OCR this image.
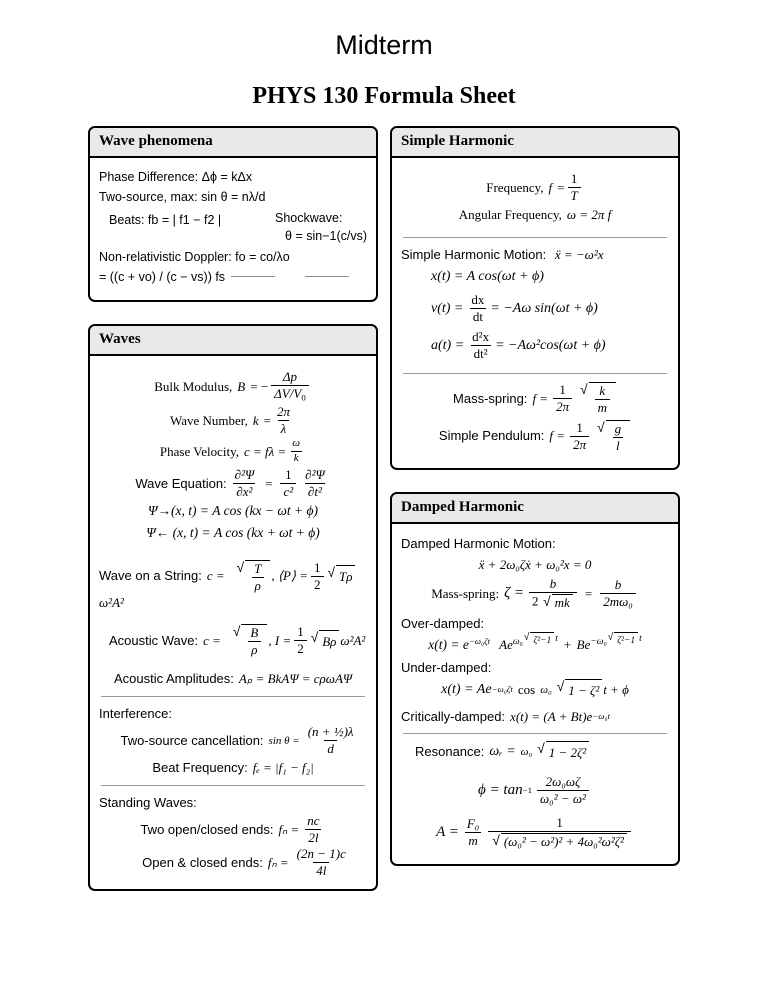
Midterm
PHYS 130 Formula Sheet
Wave phenomena
Phase Difference: Δϕ = kΔx
Two-source, max: sin θ = nλ/d
Beats: fb = | f1 − f2 |	Shockwave:
θ = sin−1(c/vs)
Non-relativistic Doppler: fo = co/λo
= ((c + vo) / (c − vs)) fs
Waves
Bulk Modulus, B = − $\frac{\Delta p}{\Delta V/V_0}$
Wave Number, $k = \frac{2\pi}{\lambda}$
Phase Velocity, $c = f\lambda = \frac{\omega}{k}$
Wave Equation: $\frac{\text{∂²Ψ}}{\text{∂x²}} = \frac{1}{\text{c²}} \frac{\text{∂²Ψ}}{\text{∂t²}}$
Ψ→(x, t) = A cos (kx − ωt + ϕ)
Ψ← (x, t) = A cos (kx + ωt + ϕ)
Wave on a String: c =
√ $\frac{T}{\rho}$ , ⟨P⟩ = $\frac{1}{2}$ √ Tρ
ω²A²
Acoustic Wave: c =
√ $\frac{B}{\rho}$ , $I = \frac{1}{2}$ √ Bρ ω²A²
Acoustic Amplitudes: Aₚ = BkAΨ = cρωAΨ
Interference:
Two-source cancellation: $\sin \theta = \frac{\text{(n + ½)λ}}{d}$
Beat Frequency: fₑ = |f₁ − f₂|
Standing Waves:
Two open/closed ends: $f_n = \frac{nc}{2l}$
Open & closed ends: $f_n = \frac{(2n - 1)c}{4l}$
Simple Harmonic
Frequency, $f = \frac{1}{T}$
Angular Frequency, ω = 2π f
Simple Harmonic Motion: ẍ = −ω²x
x(t) = A cos(ωt + ϕ)
$v(t) = \frac{dx}{dt} = -A\omega$ sin(ωt + ϕ)
$a(t) = \frac{\text{d²x}}{\text{dt²}} = -A\omega^2\cos(\omega t + \phi)$
Mass-spring: $f = \frac{1}{2\pi}$ √ $\frac{k}{m}$
Simple Pendulum: $f = \frac{1}{2\pi}$ √ $\frac{g}{l}$
Damped Harmonic
Damped Harmonic Motion:
ẍ + 2ω₀ζẋ + ω₀²x = 0
Mass-spring: $\zeta = \frac{b}{2 √ mk} = \frac{b}{\text{2mω₀}}$
Over-damped:
$x(t) = e^{-\omega_0\zeta t}$ $Ae^{\omega_0}$ √ ζ²−1 $t + Be^{-\omega_0}$ √ ζ²−1 t
Under-damped:
x(t) = Ae −ω₀ζt cos ω₀ √ 1 − ζ² t + ϕ
Critically-damped: x(t) = (A + Bt)e −ω₀t
Resonance: ωᵣ = ω₀ √ 1 − 2ζ²
$\phi = \tan -1 \frac{\text{2ω₀ωζ}}{\text{ω₀² − ω²}}$
$A = \frac{\text{F₀}}{m} \frac{1}{\text{√ (ω₀² − ω²)² + 4ω₀²ω²ζ²}}$
